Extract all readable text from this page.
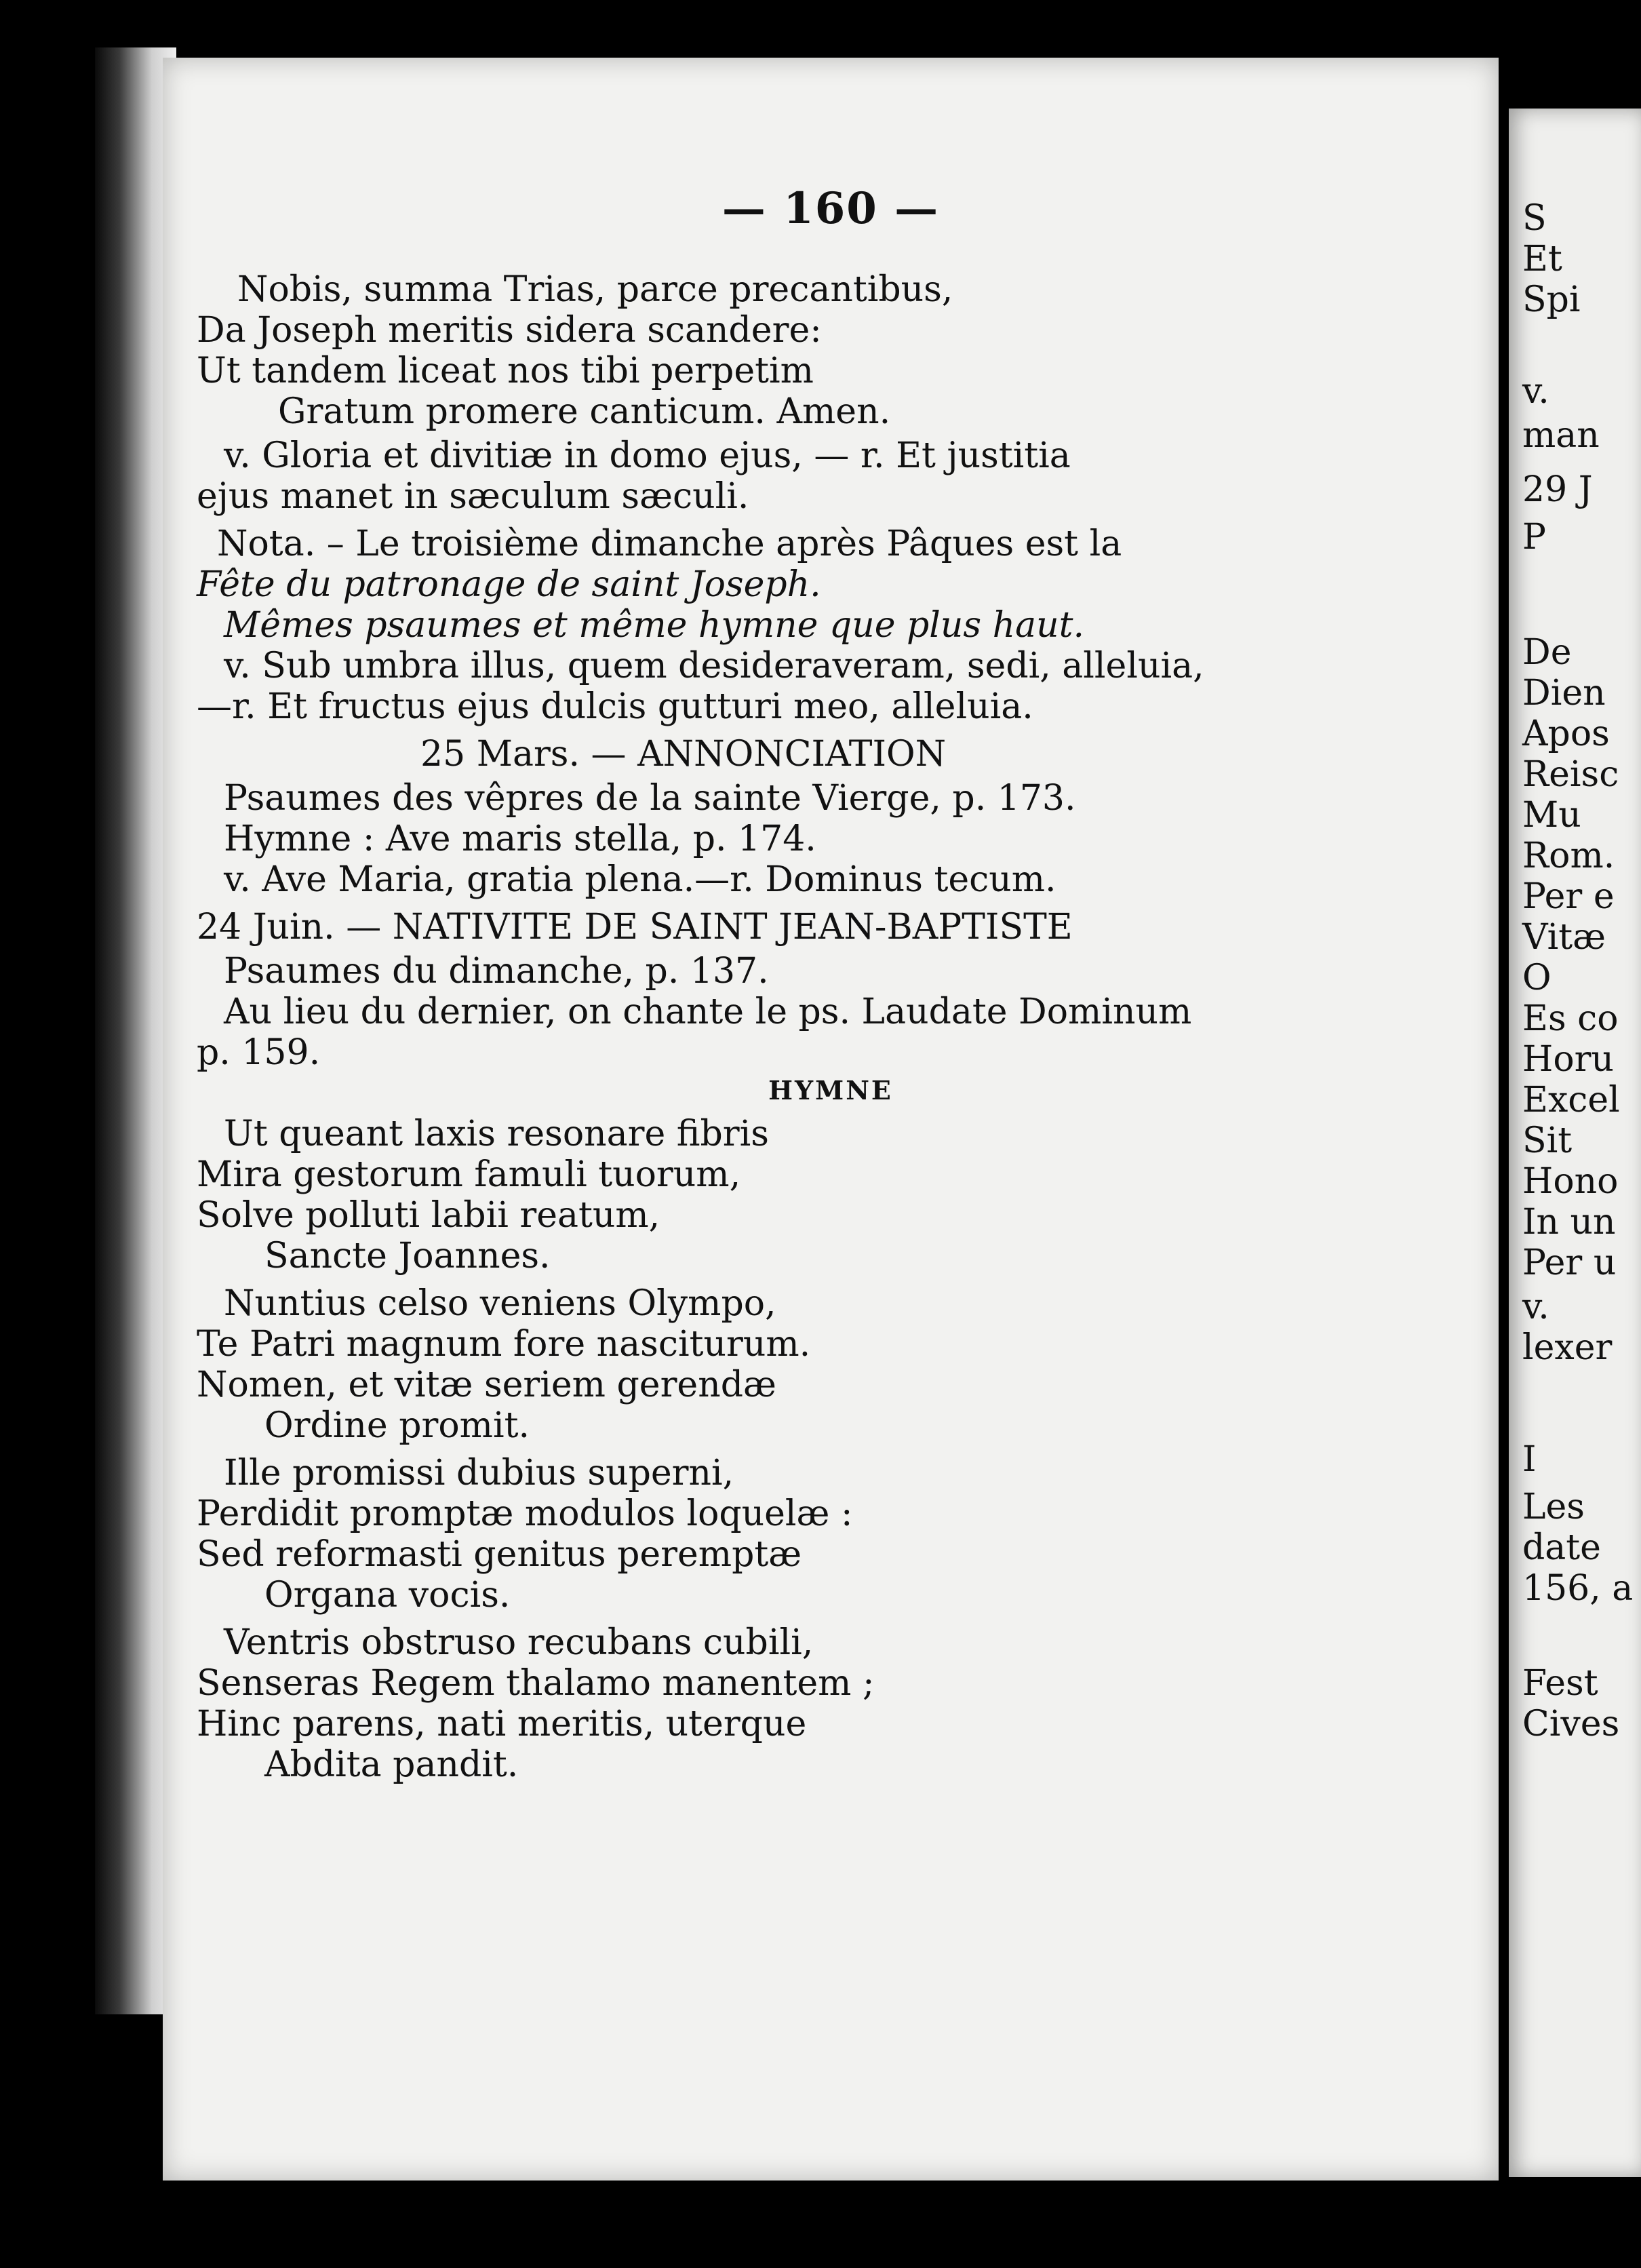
— 160 —
Nobis, summa Trias, parce precantibus,
Da Joseph meritis sidera scandere:
Ut tandem liceat nos tibi perpetim
Gratum promere canticum. Amen.
v. Gloria et divitiæ in domo ejus, — r. Et justitia
ejus manet in sæculum sæculi.
Nota. – Le troisième dimanche après Pâques est la
Fête du patronage de saint Joseph.
Mêmes psaumes et même hymne que plus haut.
v. Sub umbra illus, quem desideraveram, sedi, alleluia,
—r. Et fructus ejus dulcis gutturi meo, alleluia.
25 Mars. — ANNONCIATION
Psaumes des vêpres de la sainte Vierge, p. 173.
Hymne : Ave maris stella, p. 174.
v. Ave Maria, gratia plena.—r. Dominus tecum.
24 Juin. — NATIVITE DE SAINT JEAN-BAPTISTE
Psaumes du dimanche, p. 137.
Au lieu du dernier, on chante le ps. Laudate Dominum
p. 159.
Ut queant laxis resonare fibris
Mira gestorum famuli tuorum,
Solve polluti labii reatum,
Sancte Joannes.
Nuntius celso veniens Olympo,
Te Patri magnum fore nasciturum.
Nomen, et vitæ seriem gerendæ
Ordine promit.
Ille promissi dubius superni,
Perdidit promptæ modulos loquelæ :
Sed reformasti genitus peremptæ
Organa vocis.
Ventris obstruso recubans cubili,
Senseras Regem thalamo manentem ;
Hinc parens, nati meritis, uterque
Abdita pandit.
HYMNE
S
Et
Spi
v.
man
29 J
P
De
Dien
Apos
Reisc
Mu
Rom.
Per e
Vitæ
O
Es co
Horu
Excel
Sit
Hono
In un
Per u
v.
lexer
I
Les
date
156, a
Fest
Cives
